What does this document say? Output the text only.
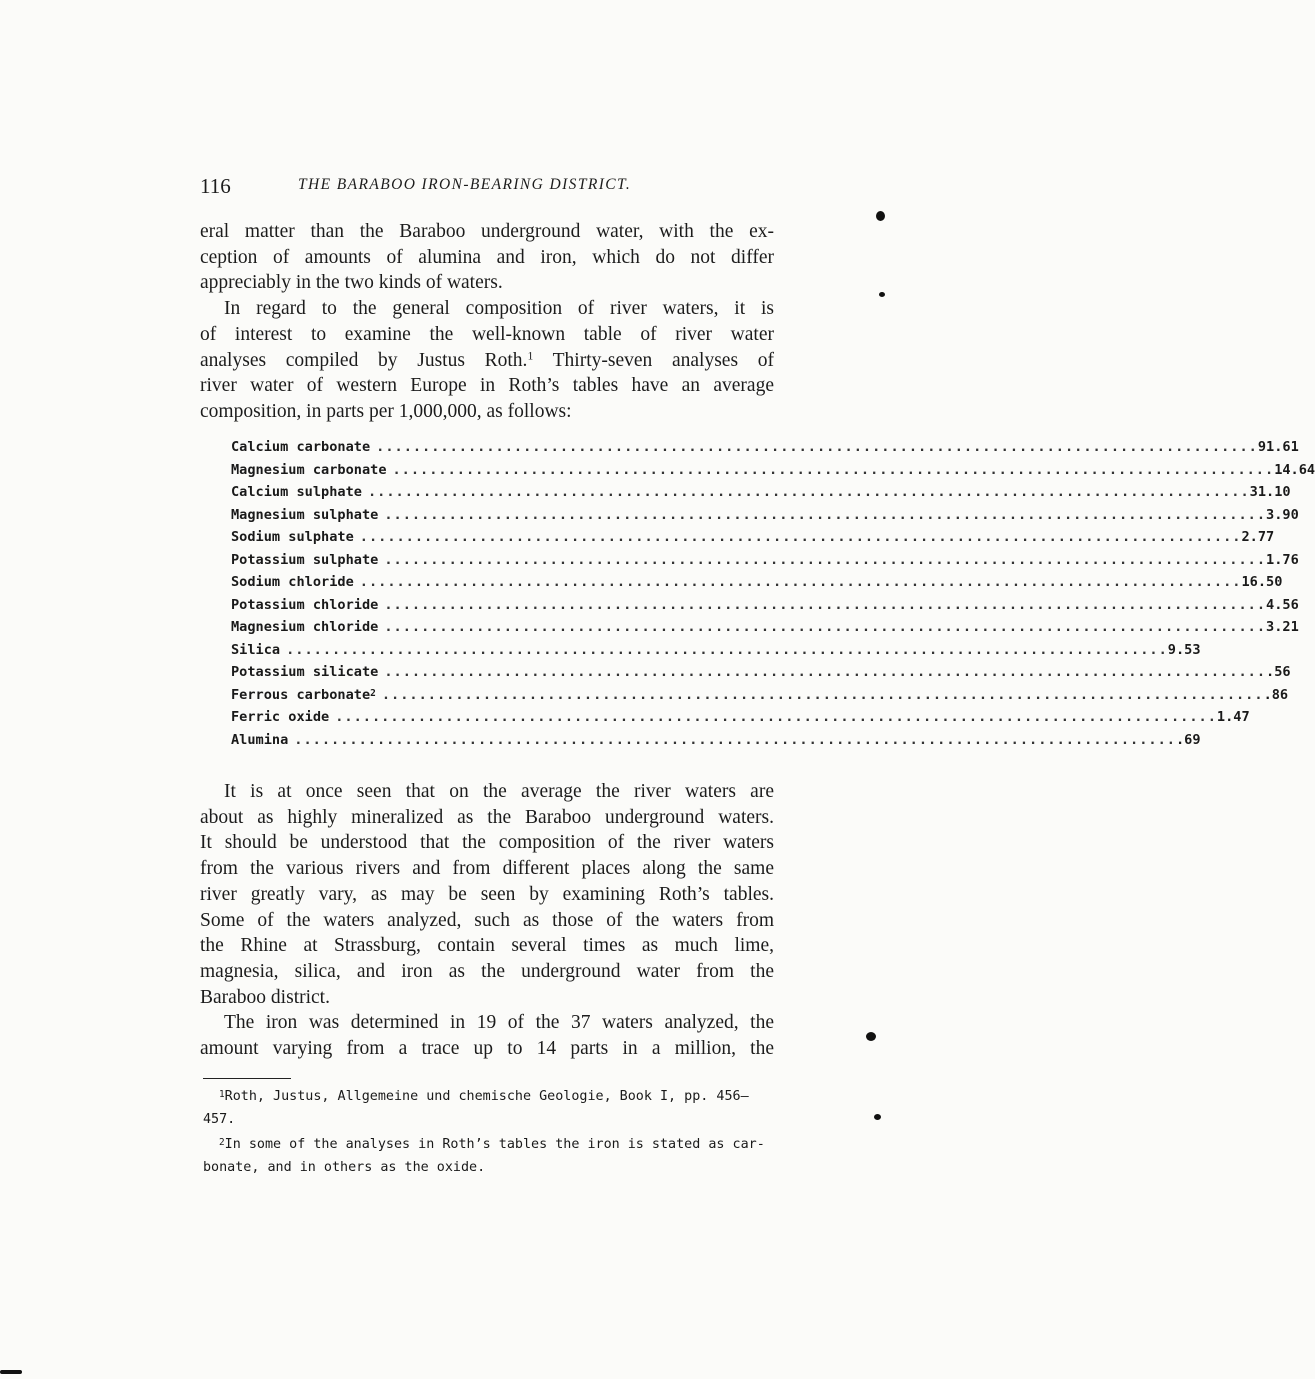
116	THE BARABOO IRON-BEARING DISTRICT.

eral matter than the Baraboo underground water, with the ex-
ception of amounts of alumina and iron, which do not differ
appreciably in the two kinds of waters.

In regard to the general composition of river waters, it is
of interest to examine the well-known table of river water
analyses compiled by Justus Roth.$^1$ Thirty-seven analyses of
river water of western Europe in Roth’s tables have an average
composition, in parts per 1,000,000, as follows:

Calcium carbonate ................................................................................................ 91.61
Magnesium carbonate ................................................................................................ 14.64
Calcium sulphate ................................................................................................ 31.10
Magnesium sulphate ................................................................................................ 3.90
Sodium sulphate ................................................................................................ 2.77
Potassium sulphate ................................................................................................ 1.76
Sodium chloride ................................................................................................ 16.50
Potassium chloride ................................................................................................ 4.56
Magnesium chloride ................................................................................................ 3.21
Silica ................................................................................................ 9.53
Potassium silicate ................................................................................................ .56
Ferrous carbonate$^2$ ................................................................................................ .86
Ferric oxide ................................................................................................ 1.47
Alumina ................................................................................................ .69

It is at once seen that on the average the river waters are
about as highly mineralized as the Baraboo underground waters.
It should be understood that the composition of the river waters
from the various rivers and from different places along the same
river greatly vary, as may be seen by examining Roth’s tables.
Some of the waters analyzed, such as those of the waters from
the Rhine at Strassburg, contain several times as much lime,
magnesia, silica, and iron as the underground water from the
Baraboo district.

The iron was determined in 19 of the 37 waters analyzed, the
amount varying from a trace up to 14 parts in a million, the

$^1$Roth, Justus, Allgemeine und chemische Geologie, Book I, pp. 456–
457.

$^2$In some of the analyses in Roth’s tables the iron is stated as car-
bonate, and in others as the oxide.
